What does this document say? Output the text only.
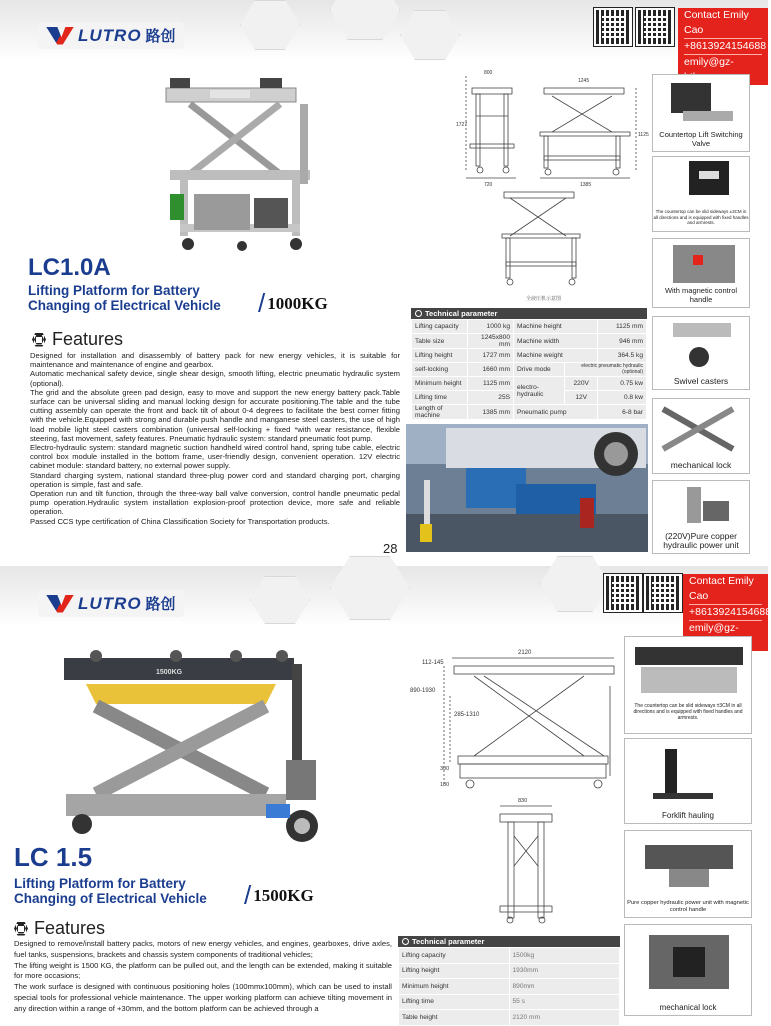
LUTRO 路创
Contact Emily Cao
+8613924154688
emily@gz-
800
1245
1727
1125
720	1385
全液压机示意图
Countertop Lift Switching Valve
The countertop can be slid sideways ±3CM in all directions and is equipped with fixed handles and armrests.
With magnetic control handle
Swivel casters
mechanical lock
(220V)Pure copper hydraulic power unit
LC1.0A
Lifting Platform for Battery
Changing of Electrical Vehicle / 1000KG
Features

Designed for installation and disassembly of battery pack for new energy vehicles, it is suitable for maintenance and maintenance of engine and gearbox.

Automatic mechanical safety device, single shear design, smooth lifting, electric pneumatic hydraulic system (optional).

The grid and the absolute green pad design, easy to move and support the new energy battery pack.Table surface can be universal sliding and manual locking design for accurate positioning.The table and the tube cutting assembly can operate the front and back tilt of about 0-4 degrees to facilitate the best corner fitting with the vehicle.Equipped with strong and durable push handle and manganese steel casters, the use of high load mobile light steel casters combination (universal self-locking + fixed *with wear resistance, flexible steering, fast movement, safety features. Pneumatic hydraulic system: standard pneumatic foot pump.

Electro-hydraulic system: standard magnetic suction handheld wired control hand, spring tube cable, electric control box module installed in the bottom frame, user-friendly design, convenient operation. 12V electric cabinet module: standard battery, no external power supply.

Standard charging system, national standard three-plug power cord and standard charging port, charging operation is simple, fast and safe.

Operation run and tilt function, through the three-way ball valve conversion, control handle pneumatic pedal pump operation.Hydraulic system installation explosion-proof protection device, more safe and reliable operation.

Passed CCS type certification of China Classification Society for Transportation products.

28
Technical parameter
Lifting capacity	1000 kg	Machine height		1125 mm
Table size	1245x800 mm	Machine width		946 mm
Lifting height	1727 mm	Machine weight		364.5 kg
self-locking	1660 mm	Drive mode	electric pneumatic hydraulic (optional)	
Minimum height	1125 mm	electro-hydraulic	220V	0.75 kw
Lifting time	25S		12V	0.8 kw
Length of machine	1385 mm	Pneumatic pump		6-8 bar
LUTRO 路创
Contact Emily Cao
+8613924154688
emily@gz-
1500KG
2120
112-145
890-1930
285-1310
300
180
830
The countertop can be slid sideways ±3CM in all directions and is equipped with fixed handles and armrests.
Forklift hauling
Pure copper hydraulic power unit with magnetic control handle
mechanical lock
LC 1.5
Lifting Platform for Battery
Changing of Electrical Vehicle / 1500KG
Features

Designed to remove/install battery packs, motors of new energy vehicles, and engines, gearboxes, drive axles, fuel tanks, suspensions, brackets and chassis system components of traditional vehicles;

The lifting weight is 1500 KG, the platform can be pulled out, and the length can be extended, making it suitable for more occasions;

The work surface is designed with continuous positioning holes (100mmx100mm), which can be used to install special tools for professional vehicle maintenance. The upper working platform can achieve tilting movement in any direction within a range of +30mm, and the bottom platform can be achieved through a

Technical parameter
Lifting capacity	1500kg
Lifting height	1930mm
Minimum height	890mm
Lifting time	55 s
Table height	2120 mm
